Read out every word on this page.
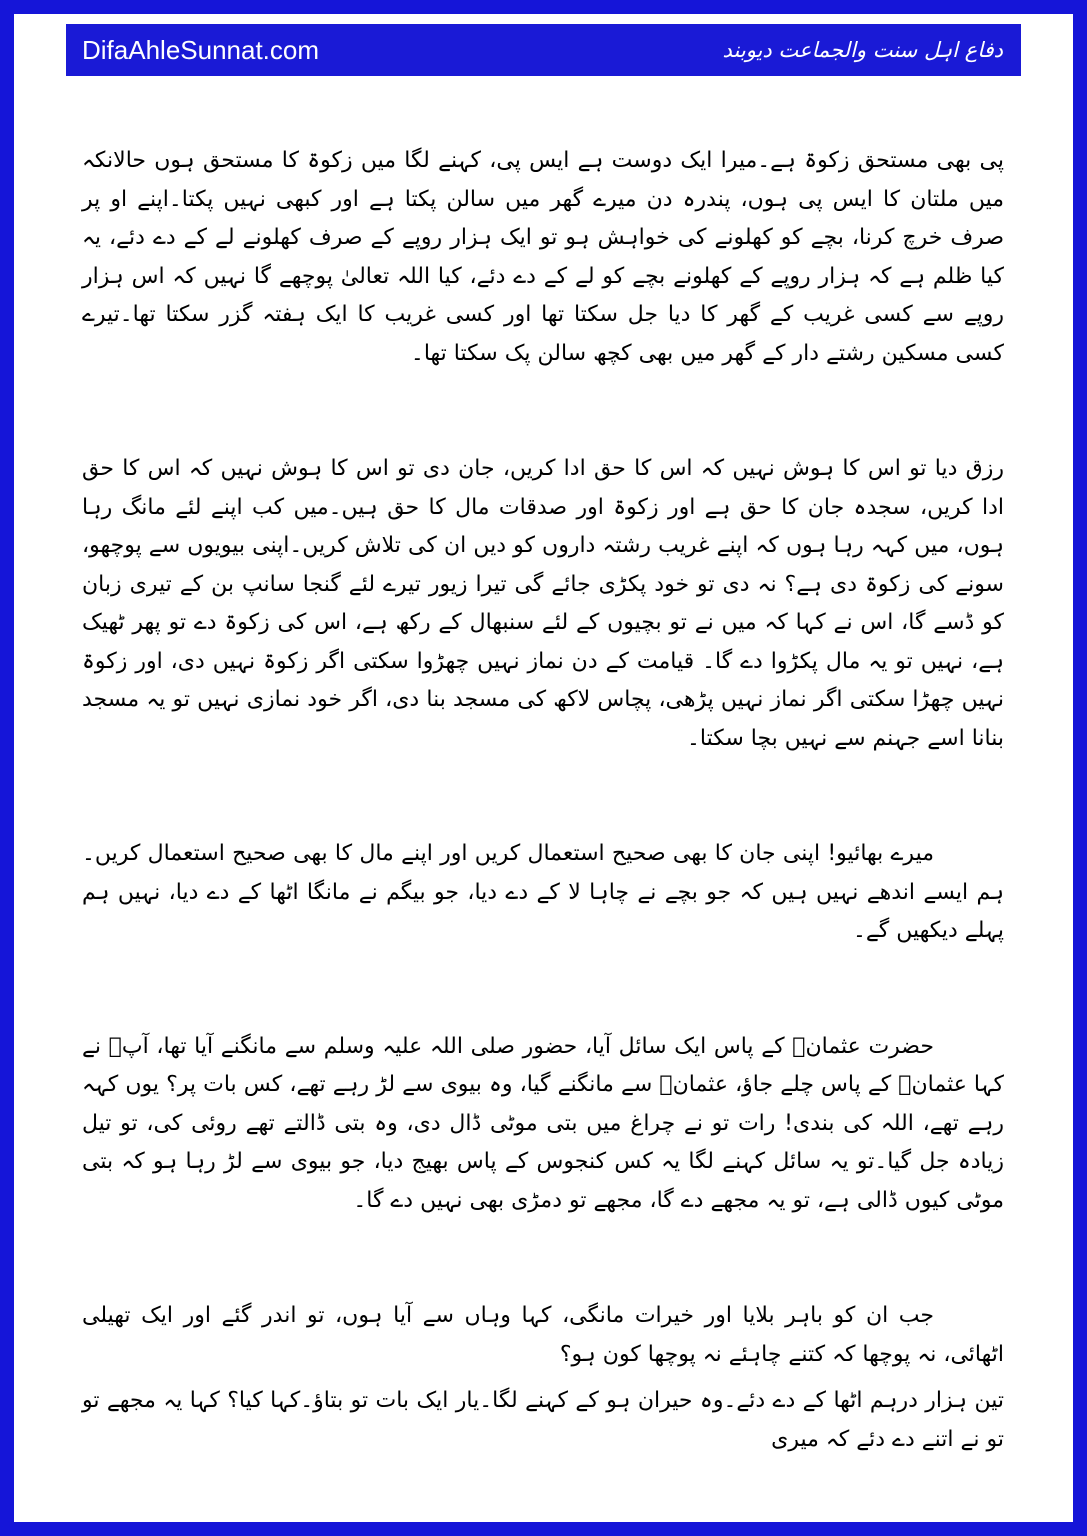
DifaAhleSunnat.com	دفاع اہل سنت والجماعت دیوبند

پی بھی مستحق زکوۃ ہے۔میرا ایک دوست ہے ایس پی، کہنے لگا میں زکوۃ کا مستحق ہوں حالانکہ میں ملتان کا ایس پی ہوں، پندرہ دن میرے گھر میں سالن پکتا ہے اور کبھی نہیں پکتا۔اپنے او پر صرف خرچ کرنا، بچے کو کھلونے کی خواہش ہو تو ایک ہزار روپے کے صرف کھلونے لے کے دے دئے، یہ کیا ظلم ہے کہ ہزار روپے کے کھلونے بچے کو لے کے دے دئے، کیا اللہ تعالیٰ پوچھے گا نہیں کہ اس ہزار روپے سے کسی غریب کے گھر کا دیا جل سکتا تھا اور کسی غریب کا ایک ہفتہ گزر سکتا تھا۔تیرے کسی مسکین رشتے دار کے گھر میں بھی کچھ سالن پک سکتا تھا۔

رزق دیا تو اس کا ہوش نہیں کہ اس کا حق ادا کریں، جان دی تو اس کا ہوش نہیں کہ اس کا حق ادا کریں، سجدہ جان کا حق ہے اور زکوۃ اور صدقات مال کا حق ہیں۔میں کب اپنے لئے مانگ رہا ہوں، میں کہہ رہا ہوں کہ اپنے غریب رشتہ داروں کو دیں ان کی تلاش کریں۔اپنی بیویوں سے پوچھو، سونے کی زکوۃ دی ہے؟ نہ دی تو خود پکڑی جائے گی تیرا زیور تیرے لئے گنجا سانپ بن کے تیری زبان کو ڈسے گا، اس نے کہا کہ میں نے تو بچیوں کے لئے سنبھال کے رکھ ہے، اس کی زکوۃ دے تو پھر ٹھیک ہے، نہیں تو یہ مال پکڑوا دے گا۔ قیامت کے دن نماز نہیں چھڑوا سکتی اگر زکوۃ نہیں دی، اور زکوۃ نہیں چھڑا سکتی اگر نماز نہیں پڑھی، پچاس لاکھ کی مسجد بنا دی، اگر خود نمازی نہیں تو یہ مسجد بنانا اسے جہنم سے نہیں بچا سکتا۔

میرے بھائیو! اپنی جان کا بھی صحیح استعمال کریں اور اپنے مال کا بھی صحیح استعمال کریں۔ہم ایسے اندھے نہیں ہیں کہ جو بچے نے چاہا لا کے دے دیا، جو بیگم نے مانگا اٹھا کے دے دیا، نہیں ہم پہلے دیکھیں گے۔

حضرت عثمانؓ کے پاس ایک سائل آیا، حضور صلی اللہ علیہ وسلم سے مانگنے آیا تھا، آپؐ نے کہا عثمانؓ کے پاس چلے جاؤ، عثمانؓ سے مانگنے گیا، وہ بیوی سے لڑ رہے تھے، کس بات پر؟ یوں کہہ رہے تھے، اللہ کی بندی! رات تو نے چراغ میں بتی موٹی ڈال دی، وہ بتی ڈالتے تھے روئی کی، تو تیل زیادہ جل گیا۔تو یہ سائل کہنے لگا یہ کس کنجوس کے پاس بھیج دیا، جو بیوی سے لڑ رہا ہو کہ بتی موٹی کیوں ڈالی ہے، تو یہ مجھے دے گا، مجھے تو دمڑی بھی نہیں دے گا۔

جب ان کو باہر بلایا اور خیرات مانگی، کہا وہاں سے آیا ہوں، تو اندر گئے اور ایک تھیلی اٹھائی، نہ پوچھا کہ کتنے چاہئے نہ پوچھا کون ہو؟

تین ہزار درہم اٹھا کے دے دئے۔وہ حیران ہو کے کہنے لگا۔یار ایک بات تو بتاؤ۔کہا کیا؟ کہا یہ مجھے تو تو نے اتنے دے دئے کہ میری
